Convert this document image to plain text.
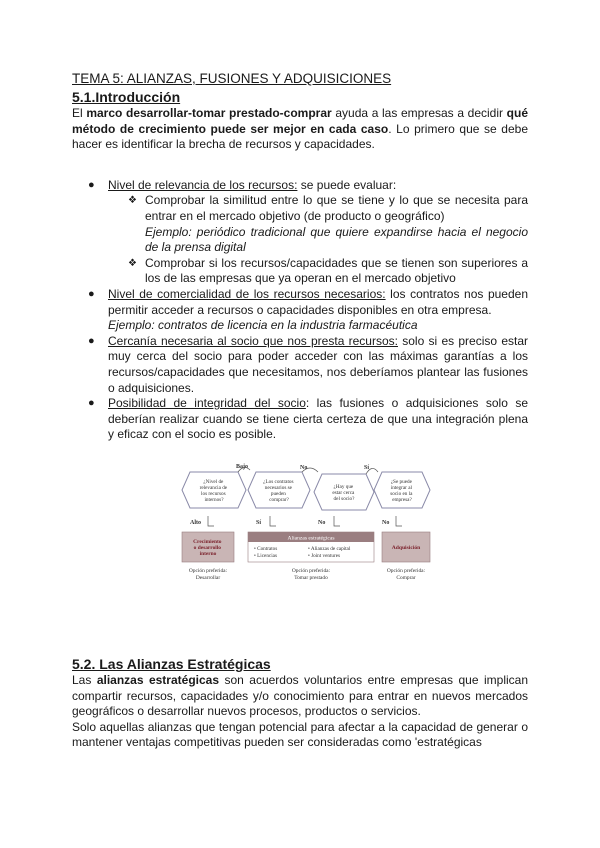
TEMA 5: ALIANZAS, FUSIONES Y ADQUISICIONES
5.1.Introducción

El marco desarrollar-tomar prestado-comprar ayuda a las empresas a decidir qué método de crecimiento puede ser mejor en cada caso. Lo primero que se debe hacer es identificar la brecha de recursos y capacidades.

● Nivel de relevancia de los recursos: se puede evaluar:
❖ Comprobar la similitud entre lo que se tiene y lo que se necesita para entrar en el mercado objetivo (de producto o geográfico)
Ejemplo: periódico tradicional que quiere expandirse hacia el negocio de la prensa digital
❖ Comprobar si los recursos/capacidades que se tienen son superiores a los de las empresas que ya operan en el mercado objetivo
● Nivel de comercialidad de los recursos necesarios: los contratos nos pueden permitir acceder a recursos o capacidades disponibles en otra empresa.
Ejemplo: contratos de licencia en la industria farmacéutica
● Cercanía necesaria al socio que nos presta recursos: solo si es preciso estar muy cerca del socio para poder acceder con las máximas garantías a los recursos/capacidades que necesitamos, nos deberíamos plantear las fusiones o adquisiciones.
● Posibilidad de integridad del socio: las fusiones o adquisiciones solo se deberían realizar cuando se tiene cierta certeza de que una integración plena y eficaz con el socio es posible.
¿Nivel de relevancia de los recursos internos?
¿Los contratos necesarios se pueden comprar?
¿Hay que estar cerca del socio?
¿Se puede integrar al socio en la empresa?
Bajo	No	Sí
Alto	Sí	No	No
Crecimiento o desarrollo interno
Alianzas estratégicas
• Contratos
• Licencias
• Alianzas de capital
• Joint ventures
Adquisición
Opción preferida:
Desarrollar
Opción preferida:
Tomar prestado
Opción preferida:
Comprar
5.2. Las Alianzas Estratégicas

Las alianzas estratégicas son acuerdos voluntarios entre empresas que implican compartir recursos, capacidades y/o conocimiento para entrar en nuevos mercados geográficos o desarrollar nuevos procesos, productos o servicios.

Solo aquellas alianzas que tengan potencial para afectar a la capacidad de generar o mantener ventajas competitivas pueden ser consideradas como 'estratégicas
